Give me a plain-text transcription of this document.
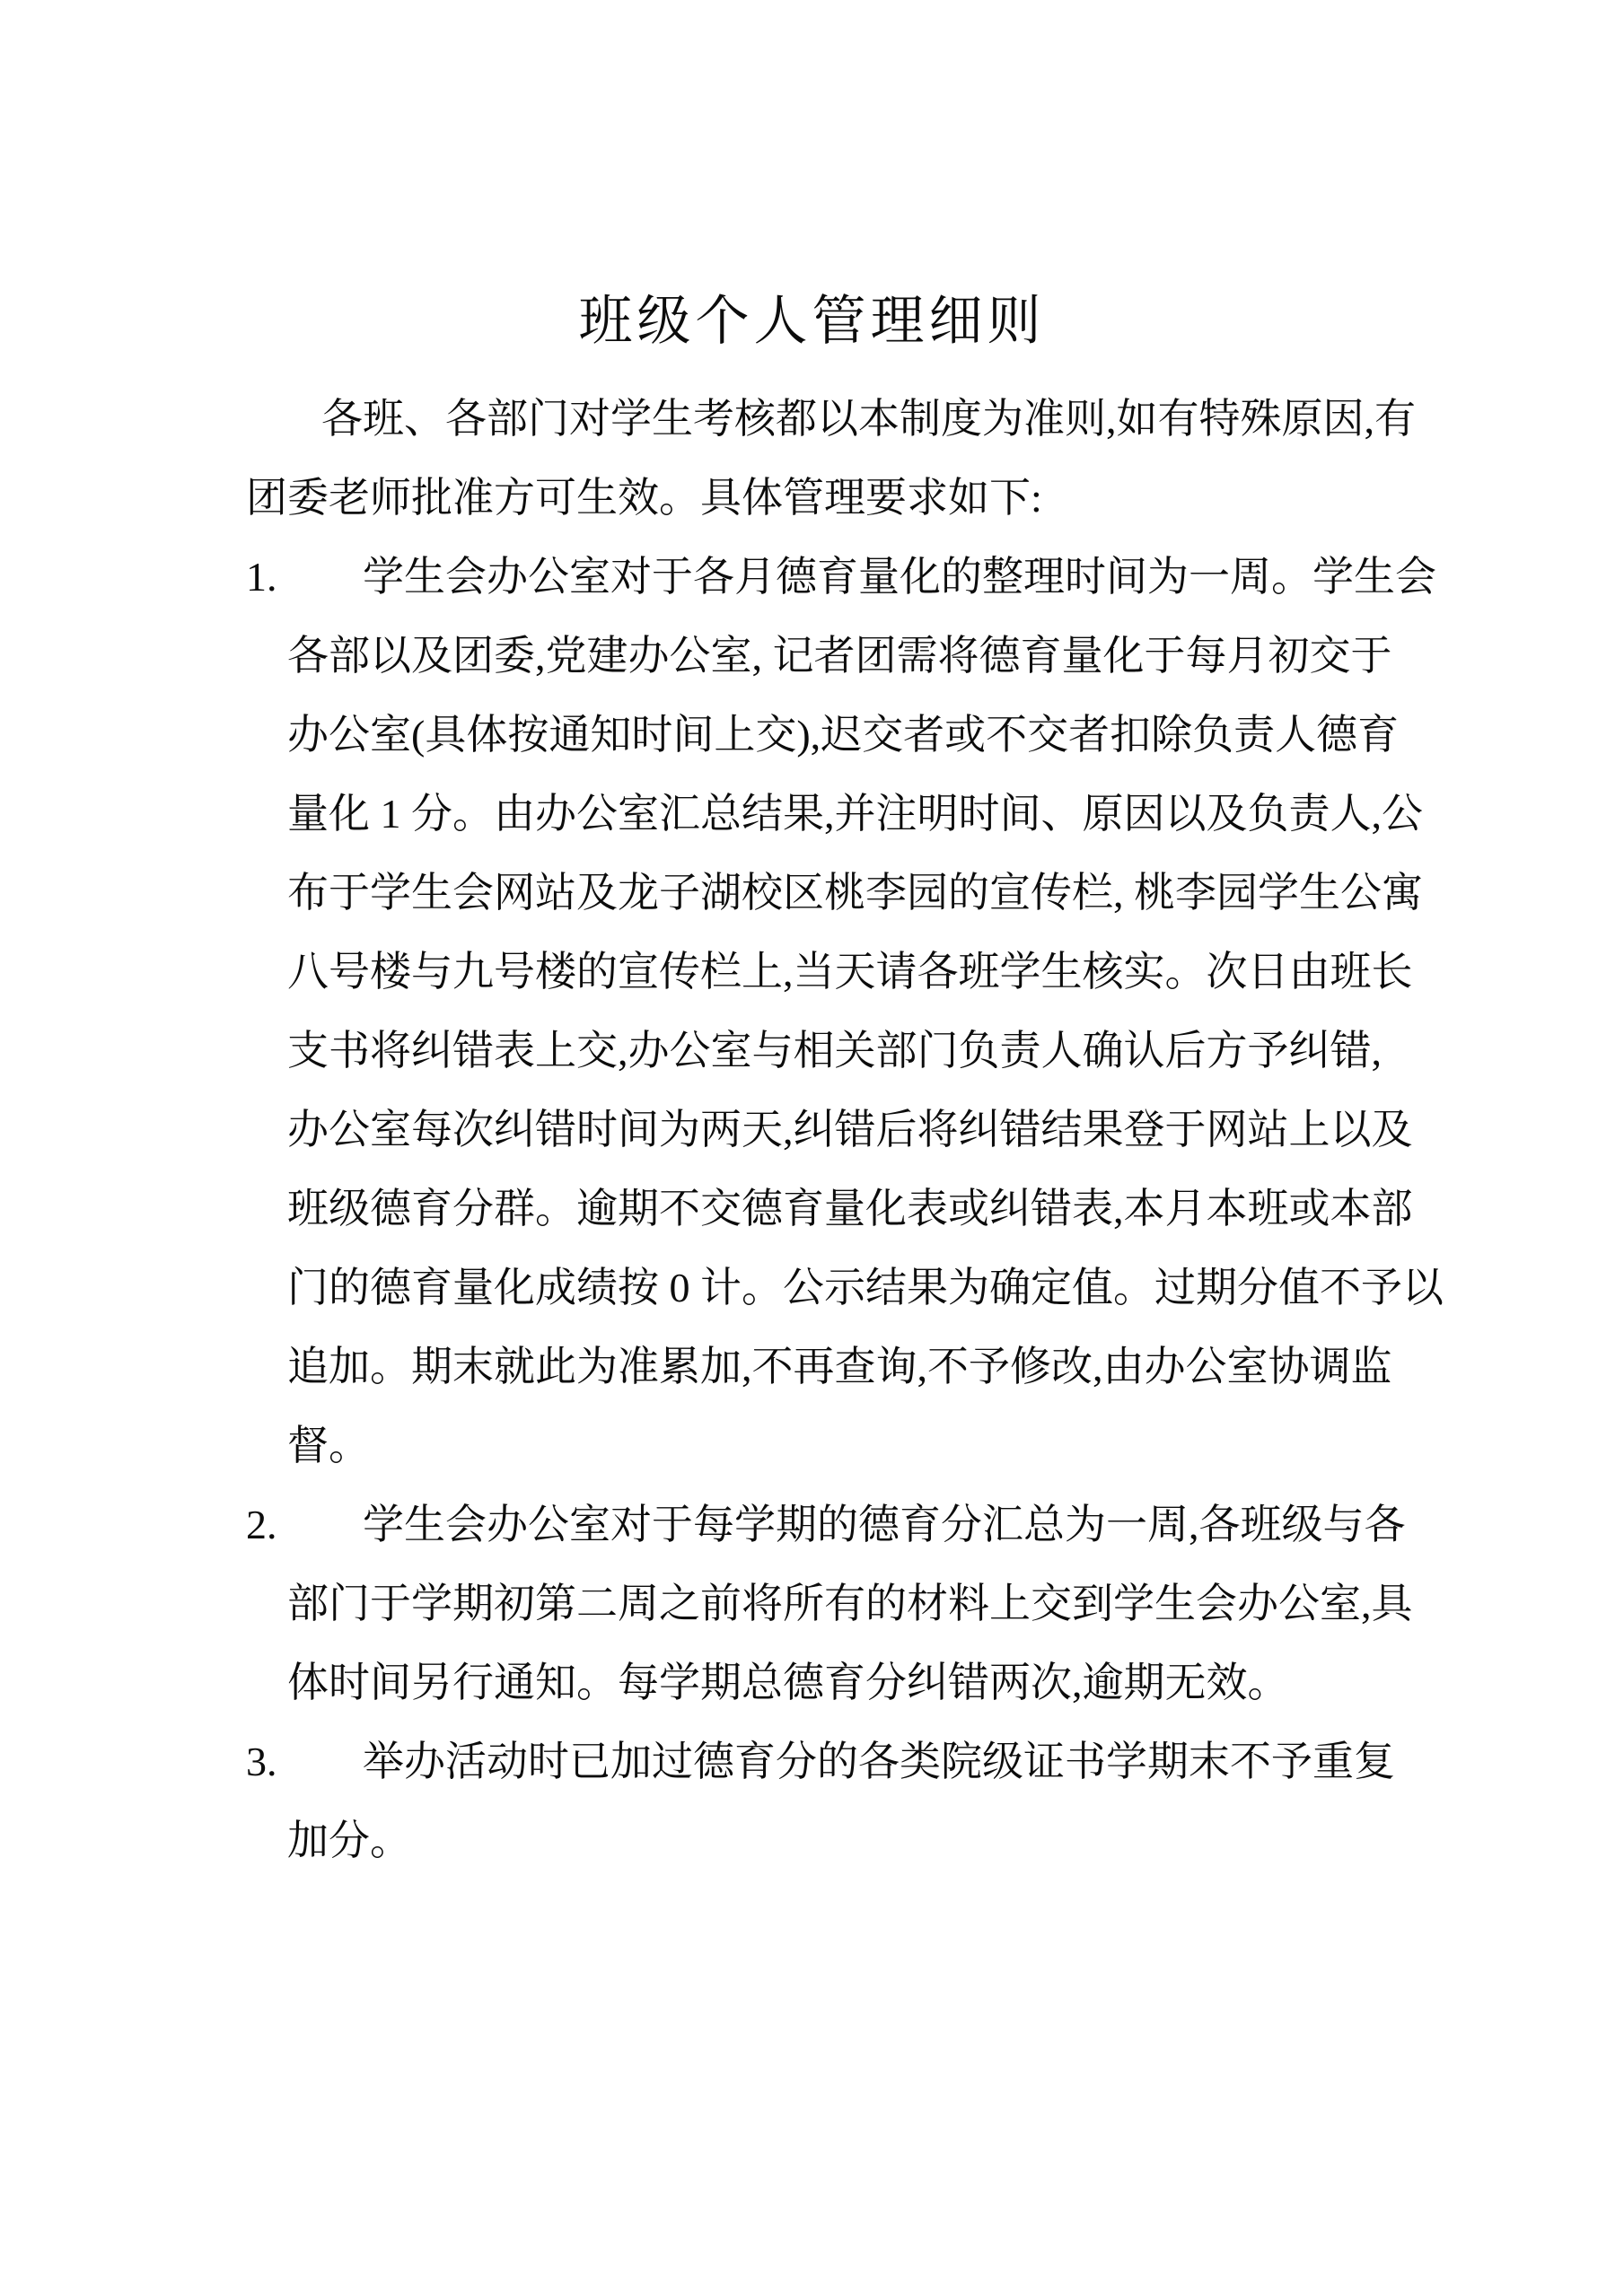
班级个人管理细则
各班、各部门对学生考核都以本制度为准则,如有特殊原因,有
团委老师批准方可生效。具体管理要求如下:
1. 学生会办公室对于各月德育量化的整理时间为一周。学生会
各部以及团委,党建办公室, 记者团需将德育量化于每月初交于
办公室(具体按通知时间上交),迟交者或不交者扣除负责人德育
量化 1 分。由办公室汇总结果,并注明时间、原因以及负责人,公
布于学生会网站及龙子湖校区桃李园的宣传栏, 桃李园学生公寓
八号楼与九号楼的宣传栏上,当天请各班学生核实。次日由班长
支书将纠错表上交,办公室与相关部门负责人确认后方予纠错,
办公室每次纠错时间为两天,纠错后将纠错结果登于网站上以及
班级德育分群。逾期不交德育量化表或纠错表,本月本班或本部
门的德育量化成绩按 0 计。公示结果为确定值。过期分值不予以
追加。期末就此为准累加,不再查询,不予修改,由办公室协调监
督。
2. 学生会办公室对于每学期的德育分汇总为一周,各班级与各
部门于学期初第二周之前将所有的材料上交到学生会办公室,具
体时间另行通知。每学期总德育分纠错两次,逾期无效。
3. 举办活动时已加过德育分的各类院级证书学期末不予重复
加分。
